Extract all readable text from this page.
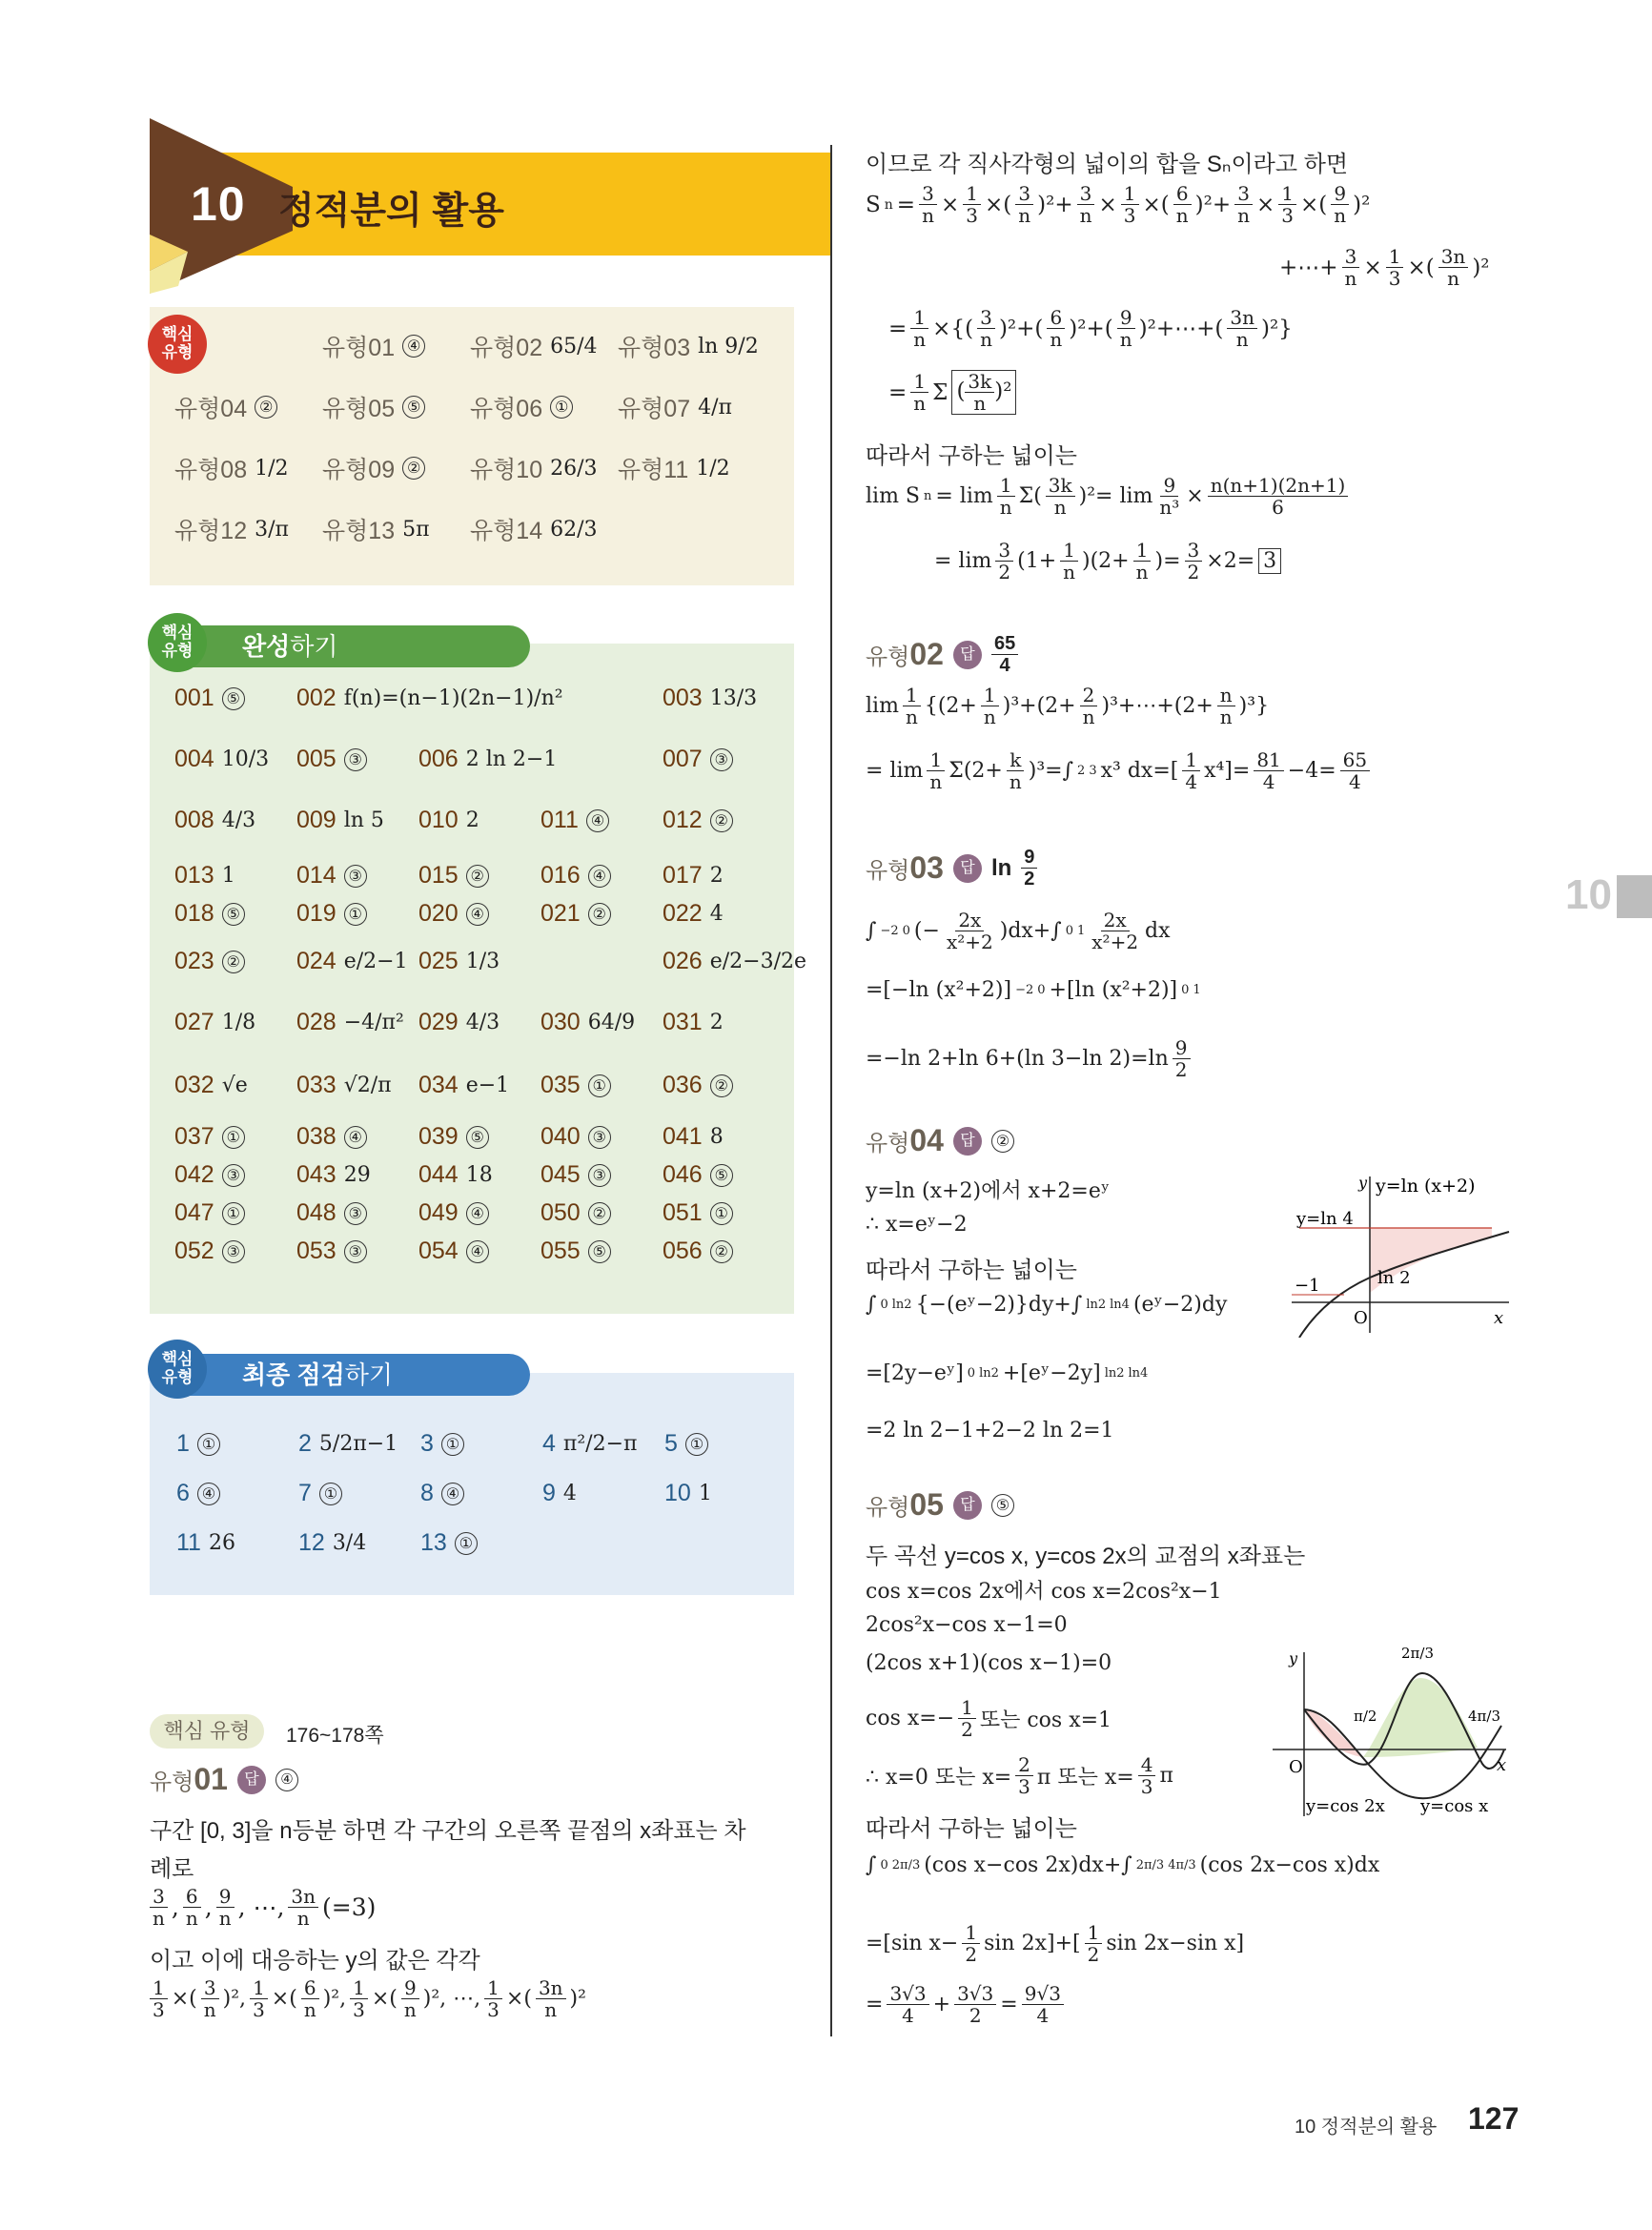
10 정적분의 활용
핵심
유형	유형01 ④ 유형02 65/4 유형03 ln 9/2
유형04 ② 유형05 ⑤ 유형06 ① 유형07 4/π
유형08 1/2 유형09 ② 유형10 26/3 유형11 1/2
유형12 3/π 유형13 5π 유형14 62/3
완성하기
핵심
유형
001 ⑤ 002 f(n)=(n−1)(2n−1)/n²	003 13/3
004 10/3 005 ③ 006 2 ln 2−1	007 ③
008 4/3 009 ln 5 010 2	011 ④ 012 ②
013 1	014 ③ 015 ② 016 ④ 017 2
018 ⑤ 019 ① 020 ④ 021 ② 022 4
023 ② 024 e/2−1 025 1/3	026 e/2−3/2e
027 1/8 028 −4/π² 029 4/3 030 64/9 031 2
032 √e 033 √2/π 034 e−1 035 ① 036 ②
037 ① 038 ④ 039 ⑤ 040 ③ 041 8
042 ③ 043 29 044 18 045 ③ 046 ⑤
047 ① 048 ③ 049 ④ 050 ② 051 ①
052 ③ 053 ③ 054 ④ 055 ⑤ 056 ②
최종 점검하기
핵심
유형
1 ①	2 5/2π−1 3 ①	4 π²/2−π 5 ①
6 ④	7 ①	8 ④	9 4	10 1
11 26	12 3/4 13 ①
핵심 유형	176~178쪽
유형 01	답	④
구간 [0, 3]을 n등분 하면 각 구간의 오른쪽 끝점의 x좌표는 차
례로
$\frac{3}{n}$ , $\frac{6}{n}$ , $\frac{9}{n}$ , ⋯, $\frac{3n}{n} (=3)$
이고 이에 대응하는 y의 값은 각각
$\frac{1}{3}$ ×( $\frac{3}{n} )^2$, $\frac{1}{3}$ ×( $\frac{6}{n} )^2$, $\frac{1}{3}$ ×( $\frac{9}{n} )^2$, ⋯, $\frac{1}{3}$ ×( $\frac{3n}{n} )^2$
이므로 각 직사각형의 넓이의 합을 Sₙ이라고 하면
S $n = \frac{3}{n} \times \frac{1}{3}$ ×( $\frac{3}{n} )^2+ \frac{3}{n} \times \frac{1}{3}$ ×( $\frac{6}{n} )^2+ \frac{3}{n} \times \frac{1}{3}$ ×( $\frac{9}{n} )^2$
+⋯+ $\frac{3}{n} \times \frac{1}{3}$ ×( $\frac{3n}{n} )^2$
= $\frac{1}{n}$ ×{( $\frac{3}{n} )^2+( \frac{6}{n} )^2+( \frac{9}{n}$ )²+⋯+( $\frac{3n}{n} )^2$}
= $\frac{1}{n}$ Σ ( $\frac{3k}{n} )^2$
따라서 구하는 넓이는
lim S $n = \lim \frac{1}{n} \Sigma( \frac{3k}{n} )^2= \lim \frac{9}{\text{n³}} \times \frac{n(n+1)(2n+1)}{6}$
= $\lim \frac{3}{2} (1+ \frac{1}{n} )(2+ \frac{1}{n}$ )= $\frac{3}{2} \times 2= 3$
유형 02	답 $\frac{65}{4}$
$\lim \frac{1}{n} \{(2+ \frac{1}{n} )^3+(2+ \frac{2}{n}$ )³+⋯+(2+ $\frac{n}{n} )^3$}
= $\lim \frac{1}{n} \Sigma(2+ \frac{k}{n} )^3=\int$ 2 3 x³ $dx=[ \frac{1}{4} x^4]= \frac{81}{4} -4= \frac{65}{4}$
유형 03	답 $\ln \frac{9}{2}$
∫ −2 0 (− $\frac{2x}{\text{x²+2}} )dx+\int$ 0 $1 \frac{2x}{\text{x²+2}}$ dx
=[−ln (x²+2)] −2 0 +[ln (x²+2)] 0 1
=−ln 2+ln 6+(ln 3−ln $2)=\ln \frac{9}{2}$
유형 04	답	②
y=ln (x+2)에서 x+2=eʸ
∴ x=eʸ−2
따라서 구하는 넓이는
∫ 0 ln2 {−(eʸ−2)}dy+∫ ln2 ln4 (eʸ−2)dy
=[2y−eʸ] 0 ln2 +[eʸ−2y] ln2 ln4
=2 ln 2−1+2−2 ln 2=1
y=ln (x+2)
y=ln 4
−1	ln 2
O	x
y
유형 05	답	⑤
두 곡선 y=cos x, y=cos 2x의 교점의 x좌표는
cos x=cos 2x에서 cos x=2cos²x−1
2cos²x−cos x−1=0
(2cos x+1)(cos x−1)=0
$\cos x=- \frac{1}{2}$ 또는 cos x=1
∴ x=0 또는 $x= \frac{2}{3}$ π 또는 $x= \frac{4}{3}$ π
따라서 구하는 넓이는
∫ 0 2π/3 (cos x−cos 2x)dx+∫ 2π/3 4π/3 (cos 2x−cos x)dx
=[sin $x- \frac{1}{2}$ $\sin 2x]+[ \frac{1}{2}$ sin 2x−sin x]
= $\frac{3√3}{4} + \frac{3√3}{2} = \frac{9√3}{4}$
O	x
y
y=cos 2x y=cos x
π/2
2π/3
4π/3
10
10 정적분의 활용 127
